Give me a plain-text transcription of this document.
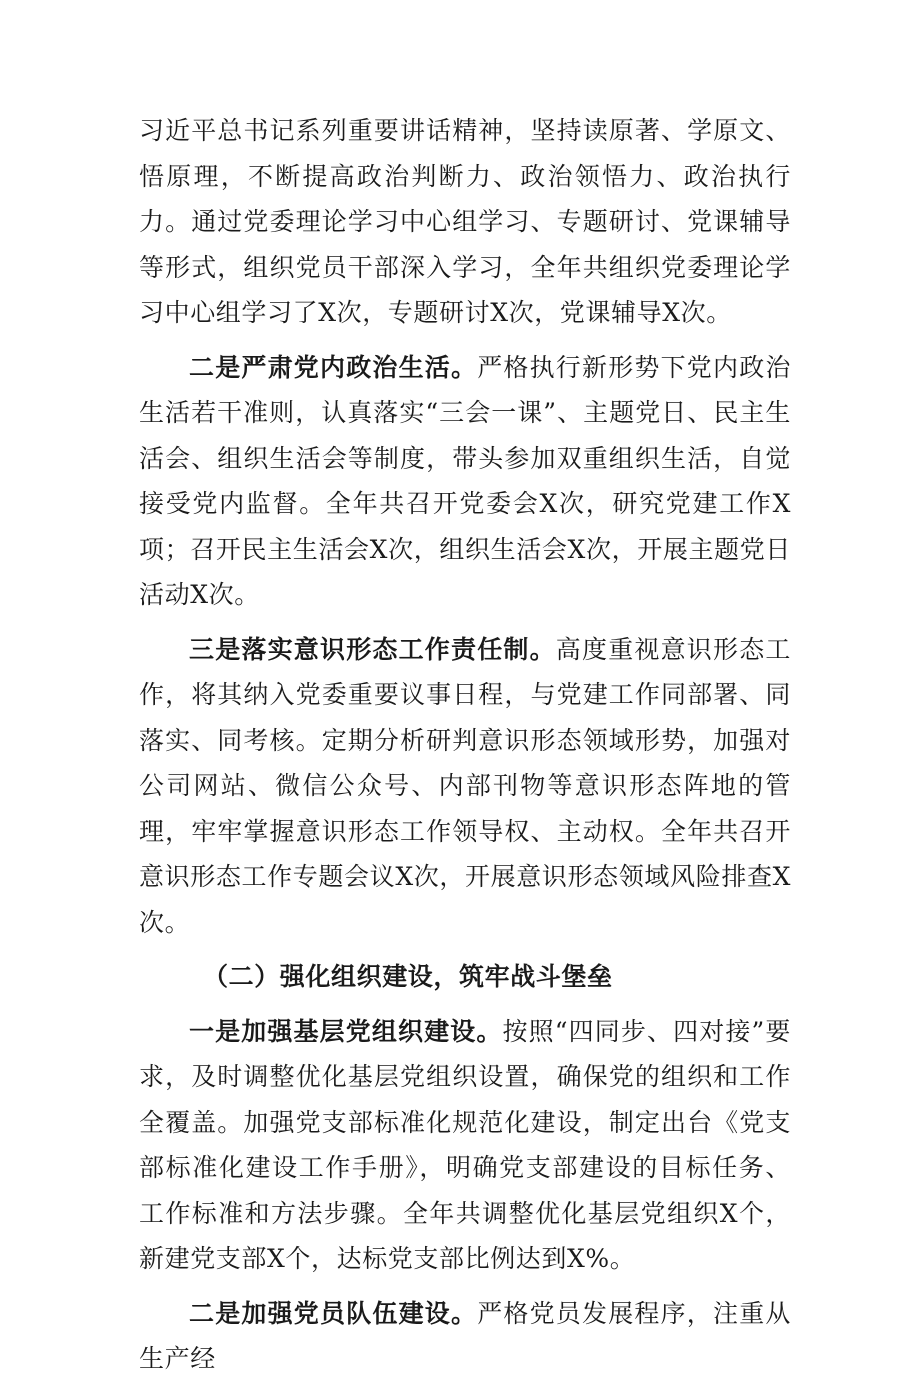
习近平总书记系列重要讲话精神，坚持读原著、学原文、悟原理，不断提高政治判断力、政治领悟力、政治执行力。通过党委理论学习中心组学习、专题研讨、党课辅导等形式，组织党员干部深入学习，全年共组织党委理论学习中心组学习了X次，专题研讨X次，党课辅导X次。

二是严肃党内政治生活。严格执行新形势下党内政治生活若干准则，认真落实“三会一课”、主题党日、民主生活会、组织生活会等制度，带头参加双重组织生活，自觉接受党内监督。全年共召开党委会X次，研究党建工作X项；召开民主生活会X次，组织生活会X次，开展主题党日活动X次。

三是落实意识形态工作责任制。高度重视意识形态工作，将其纳入党委重要议事日程，与党建工作同部署、同落实、同考核。定期分析研判意识形态领域形势，加强对公司网站、微信公众号、内部刊物等意识形态阵地的管理，牢牢掌握意识形态工作领导权、主动权。全年共召开意识形态工作专题会议X次，开展意识形态领域风险排查X次。

（二）强化组织建设，筑牢战斗堡垒

一是加强基层党组织建设。按照“四同步、四对接”要求，及时调整优化基层党组织设置，确保党的组织和工作全覆盖。加强党支部标准化规范化建设，制定出台《党支部标准化建设工作手册》，明确党支部建设的目标任务、工作标准和方法步骤。全年共调整优化基层党组织X个，新建党支部X个，达标党支部比例达到X%。

二是加强党员队伍建设。严格党员发展程序，注重从生产经
